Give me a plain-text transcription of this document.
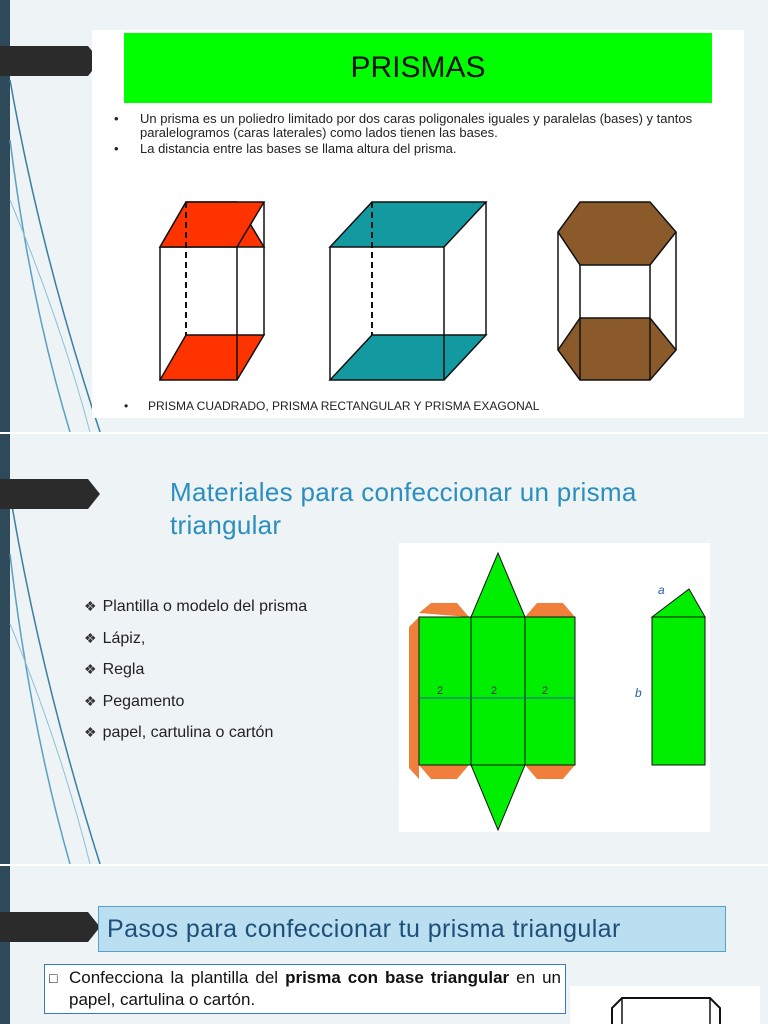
PRISMAS
• Un prisma es un poliedro limitado por dos caras poligonales iguales y paralelas (bases) y tantos paralelogramos (caras laterales) como lados tienen las bases.
• La distancia entre las bases se llama altura del prisma.
• PRISMA CUADRADO, PRISMA RECTANGULAR Y PRISMA EXAGONAL
Materiales para confeccionar un prisma triangular
❖ Plantilla o modelo del prisma
❖ Lápiz,
❖ Regla
❖ Pegamento
❖ papel, cartulina o cartón
2	2	2
a
b
Pasos para confeccionar tu prisma triangular
□ Confecciona la plantilla del prisma con base triangular en un papel, cartulina o cartón.
